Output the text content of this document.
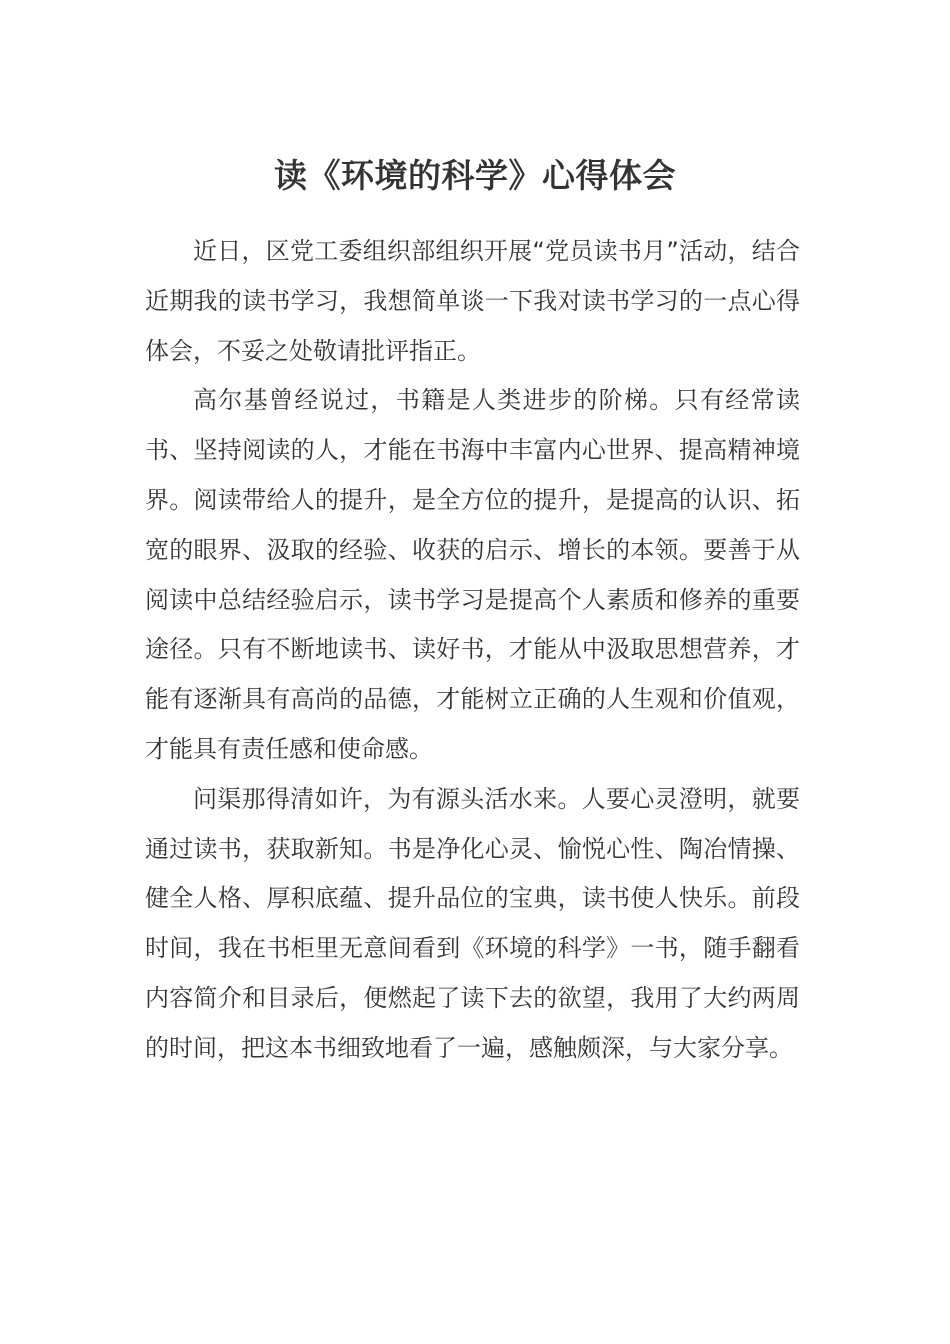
读《环境的科学》心得体会

近日，区党工委组织部组织开展“党员读书月”活动，结合近期我的读书学习，我想简单谈一下我对读书学习的一点心得体会，不妥之处敬请批评指正。

高尔基曾经说过，书籍是人类进步的阶梯。只有经常读书、坚持阅读的人，才能在书海中丰富内心世界、提高精神境界。阅读带给人的提升，是全方位的提升，是提高的认识、拓宽的眼界、汲取的经验、收获的启示、增长的本领。要善于从阅读中总结经验启示，读书学习是提高个人素质和修养的重要途径。只有不断地读书、读好书，才能从中汲取思想营养，才能有逐渐具有高尚的品德，才能树立正确的人生观和价值观，才能具有责任感和使命感。

问渠那得清如许，为有源头活水来。人要心灵澄明，就要通过读书，获取新知。书是净化心灵、愉悦心性、陶冶情操、健全人格、厚积底蕴、提升品位的宝典，读书使人快乐。前段时间，我在书柜里无意间看到《环境的科学》一书，随手翻看内容简介和目录后，便燃起了读下去的欲望，我用了大约两周的时间，把这本书细致地看了一遍，感触颇深，与大家分享。
